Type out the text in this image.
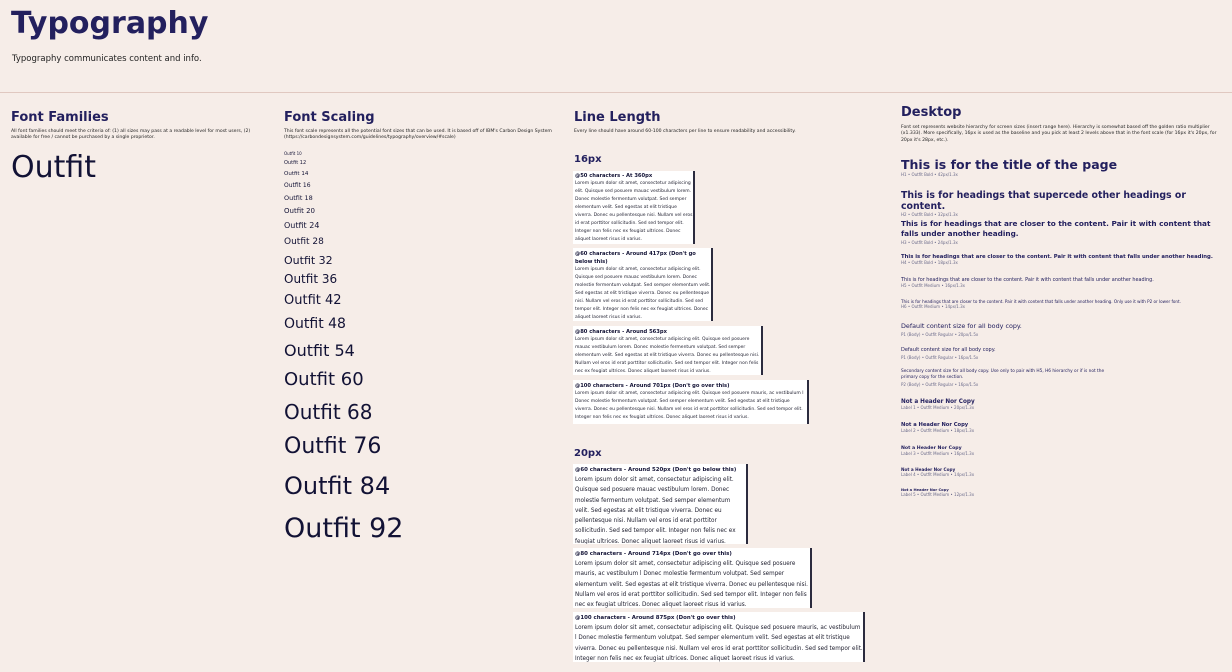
Typography
Typography communicates content and info.
Font Families
All font families should meet the criteria of: (1) all sizes may pass at a readable level for most users, (2) available for free / cannot be purchased by a single proprietor.
Outfit
Font Scaling
This font scale represents all the potential font sizes that can be used. It is based off of IBM's Carbon Design System (https://carbondesignsystem.com/guidelines/typography/overview/#scale)
Outfit 10
Outfit 12
Outfit 14
Outfit 16
Outfit 18
Outfit 20
Outfit 24
Outfit 28
Outfit 32
Outfit 36
Outfit 42
Outfit 48
Outfit 54
Outfit 60
Outfit 68
Outfit 76
Outfit 84
Outfit 92
Line Length
Every line should have around 60-100 characters per line to ensure readability and accessibility.
16px
@50 characters - At 360px
Lorem ipsum dolor sit amet, consectetur adipiscing elit. Quisque sed posuere mauac vestibulum lorem. Donec molestie fermentum volutpat. Sed semper elementum velit. Sed egestas at elit tristique viverra. Donec eu pellentesque nisi. Nullam vel eros id erat porttitor sollicitudin. Sed sed tempor elit. Integer non felis nec ex feugiat ultrices. Donec aliquet laoreet risus id varius.
@60 characters - Around 417px (Don't go below this)
Lorem ipsum dolor sit amet, consectetur adipiscing elit. Quisque sed posuere mauac vestibulum lorem. Donec molestie fermentum volutpat. Sed semper elementum velit. Sed egestas at elit tristique viverra. Donec eu pellentesque nisi. Nullam vel eros id erat porttitor sollicitudin. Sed sed tempor elit. Integer non felis nec ex feugiat ultrices. Donec aliquet laoreet risus id varius.
@80 characters - Around 563px
Lorem ipsum dolor sit amet, consectetur adipiscing elit. Quisque sed posuere mauac vestibulum lorem. Donec molestie fermentum volutpat. Sed semper elementum velit. Sed egestas at elit tristique viverra. Donec eu pellentesque nisi. Nullam vel eros id erat porttitor sollicitudin. Sed sed tempor elit. Integer non felis nec ex feugiat ultrices. Donec aliquet laoreet risus id varius.
@100 characters - Around 701px (Don't go over this)
Lorem ipsum dolor sit amet, consectetur adipiscing elit. Quisque sed posuere mauris, ac vestibulum l Donec molestie fermentum volutpat. Sed semper elementum velit. Sed egestas at elit tristique viverra. Donec eu pellentesque nisi. Nullam vel eros id erat porttitor sollicitudin. Sed sed tempor elit. Integer non felis nec ex feugiat ultrices. Donec aliquet laoreet risus id varius.
20px
@60 characters - Around 520px (Don't go below this)
Lorem ipsum dolor sit amet, consectetur adipiscing elit. Quisque sed posuere mauac vestibulum lorem. Donec molestie fermentum volutpat. Sed semper elementum velit. Sed egestas at elit tristique viverra. Donec eu pellentesque nisi. Nullam vel eros id erat porttitor sollicitudin. Sed sed tempor elit. Integer non felis nec ex feugiat ultrices. Donec aliquet laoreet risus id varius.
@80 characters - Around 714px (Don't go over this)
Lorem ipsum dolor sit amet, consectetur adipiscing elit. Quisque sed posuere mauris, ac vestibulum l Donec molestie fermentum volutpat. Sed semper elementum velit. Sed egestas at elit tristique viverra. Donec eu pellentesque nisi. Nullam vel eros id erat porttitor sollicitudin. Sed sed tempor elit. Integer non felis nec ex feugiat ultrices. Donec aliquet laoreet risus id varius.
@100 characters - Around 875px (Don't go over this)
Lorem ipsum dolor sit amet, consectetur adipiscing elit. Quisque sed posuere mauris, ac vestibulum l Donec molestie fermentum volutpat. Sed semper elementum velit. Sed egestas at elit tristique viverra. Donec eu pellentesque nisi. Nullam vel eros id erat porttitor sollicitudin. Sed sed tempor elit. Integer non felis nec ex feugiat ultrices. Donec aliquet laoreet risus id varius.
Desktop
Font set represents website hierarchy for screen sizes (insert range here). Hierarchy is somewhat based off the golden ratio multiplier (x1.333). More specifically, 16px is used as the baseline and you pick at least 2 levels above that in the font scale (for 16px it's 20px, for 20px it's 28px, etc.).
This is for the title of the page
H1 • Outfit Bold • 42px/1.3x
This is for headings that supercede other headings or content.
H2 • Outfit Bold • 32px/1.3x
This is for headings that are closer to the content. Pair it with content that falls under another heading.
H3 • Outfit Bold • 24px/1.3x
This is for headings that are closer to the content. Pair it with content that falls under another heading.
H4 • Outfit Bold • 18px/1.3x
This is for headings that are closer to the content. Pair it with content that falls under another heading.
H5 • Outfit Medium • 16px/1.3x
This is for headings that are closer to the content. Pair it with content that falls under another heading. Only use it with P2 or lower font.
H6 • Outfit Medium • 14px/1.3x
Default content size for all body copy.
P1 (Body) • Outfit Regular • 20px/1.5x
Default content size for all body copy.
P1 (Body) • Outfit Regular • 16px/1.5x
Secondary content size for all body copy. Use only to pair with H5, H6 hierarchy or if is not the primary copy for the section.
P2 (Body) • Outfit Regular • 16px/1.5x
Not a Header Nor Copy
Label 1 • Outfit Medium • 20px/1.3x
Not a Header Nor Copy
Label 2 • Outfit Medium • 18px/1.3x
Not a Header Nor Copy
Label 3 • Outfit Medium • 16px/1.3x
Not a Header Nor Copy
Label 4 • Outfit Medium • 14px/1.3x
Not a Header Nor Copy
Label 5 • Outfit Medium • 12px/1.3x
